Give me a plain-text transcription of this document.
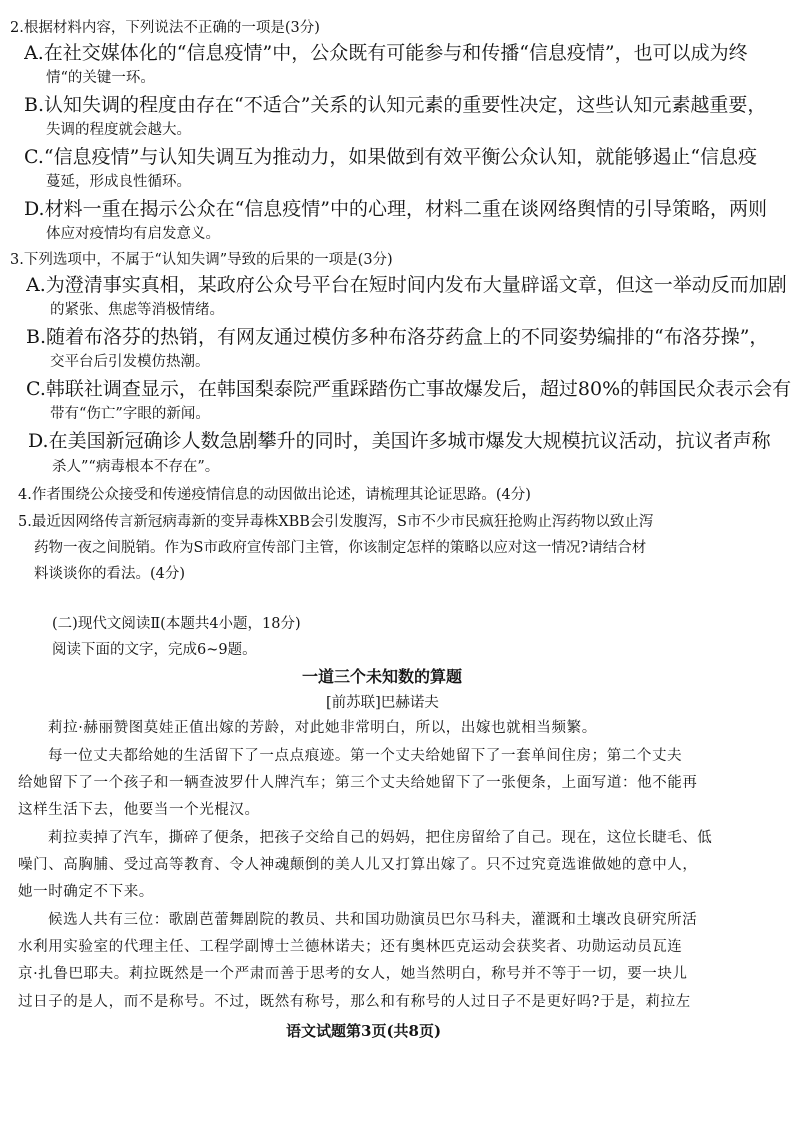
2.根据材料内容，下列说法不正确的一项是(3分)
A.在社交媒体化的“信息疫情”中，公众既有可能参与和传播“信息疫情”，也可以成为终
情“的关键一环。
B.认知失调的程度由存在“不适合”关系的认知元素的重要性决定，这些认知元素越重要，
失调的程度就会越大。
C.“信息疫情”与认知失调互为推动力，如果做到有效平衡公众认知，就能够遏止“信息疫
蔓延，形成良性循环。
D.材料一重在揭示公众在“信息疫情”中的心理，材料二重在谈网络舆情的引导策略，两则
体应对疫情均有启发意义。
3.下列选项中，不属于“认知失调”导致的后果的一项是(3分)
A.为澄清事实真相，某政府公众号平台在短时间内发布大量辟谣文章，但这一举动反而加剧
的紧张、焦虑等消极情绪。
B.随着布洛芬的热销，有网友通过模仿多种布洛芬药盒上的不同姿势编排的“布洛芬操”，
交平台后引发模仿热潮。
C.韩联社调查显示，在韩国梨泰院严重踩踏伤亡事故爆发后，超过80%的韩国民众表示会有
带有“伤亡”字眼的新闻。
D.在美国新冠确诊人数急剧攀升的同时，美国许多城市爆发大规模抗议活动，抗议者声称
杀人”“病毒根本不存在”。
4.作者围绕公众接受和传递疫情信息的动因做出论述，请梳理其论证思路。(4分)
5.最近因网络传言新冠病毒新的变异毒株XBB会引发腹泻，S市不少市民疯狂抢购止泻药物以致止泻
药物一夜之间脱销。作为S市政府宣传部门主管，你该制定怎样的策略以应对这一情况?请结合材
料谈谈你的看法。(4分)
(二)现代文阅读Ⅱ(本题共4小题，18分)
阅读下面的文字，完成6~9题。
一道三个未知数的算题
[前苏联]巴赫诺夫
莉拉·赫丽赞图莫娃正值出嫁的芳龄，对此她非常明白，所以，出嫁也就相当频繁。
每一位丈夫都给她的生活留下了一点点痕迹。第一个丈夫给她留下了一套单间住房；第二个丈夫
给她留下了一个孩子和一辆查波罗什人牌汽车；第三个丈夫给她留下了一张便条，上面写道：他不能再
这样生活下去，他要当一个光棍汉。
莉拉卖掉了汽车，撕碎了便条，把孩子交给自己的妈妈，把住房留给了自己。现在，这位长睫毛、低
噪门、高胸脯、受过高等教育、令人神魂颠倒的美人儿又打算出嫁了。只不过究竟选谁做她的意中人，
她一时确定不下来。
候选人共有三位：歌剧芭蕾舞剧院的教员、共和国功勋演员巴尔马科夫，灌溉和土壤改良研究所活
水利用实验室的代理主任、工程学副博士兰德林诺夫；还有奥林匹克运动会获奖者、功勋运动员瓦连
京·扎鲁巴耶夫。莉拉既然是一个严肃而善于思考的女人，她当然明白，称号并不等于一切，要一块儿
过日子的是人，而不是称号。不过，既然有称号，那么和有称号的人过日子不是更好吗?于是，莉拉左
语文试题第3页(共8页)
